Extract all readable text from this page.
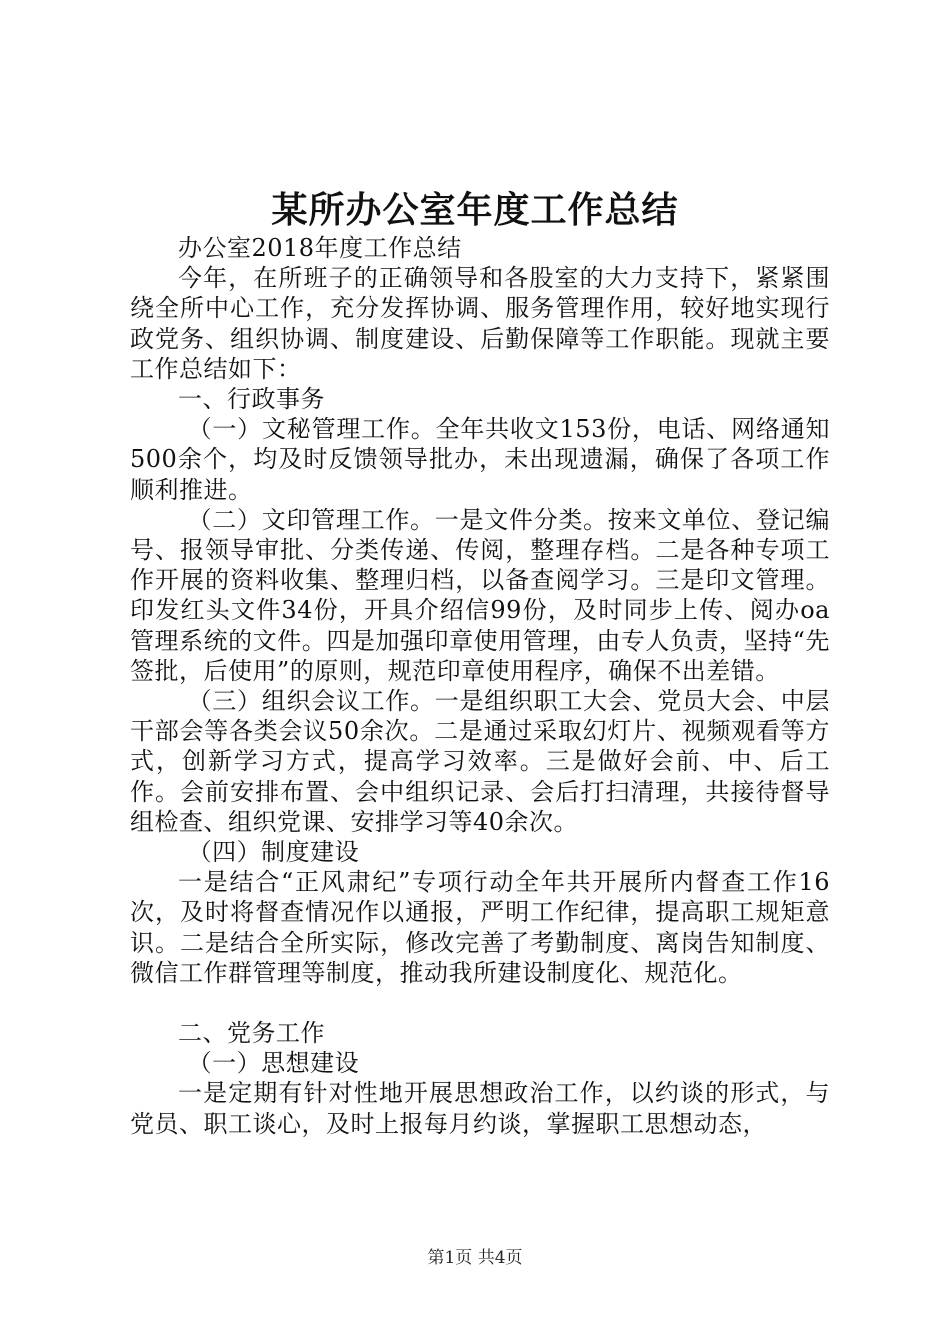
某所办公室年度工作总结

办公室2018年度工作总结

今年，在所班子的正确领导和各股室的大力支持下，紧紧围绕全所中心工作，充分发挥协调、服务管理作用，较好地实现行政党务、组织协调、制度建设、后勤保障等工作职能。现就主要工作总结如下：

一、行政事务

（一）文秘管理工作。全年共收文153份，电话、网络通知500余个，均及时反馈领导批办，未出现遗漏，确保了各项工作顺利推进。

（二）文印管理工作。一是文件分类。按来文单位、登记编号、报领导审批、分类传递、传阅，整理存档。二是各种专项工作开展的资料收集、整理归档，以备查阅学习。三是印文管理。印发红头文件34份，开具介绍信99份，及时同步上传、阅办oa管理系统的文件。四是加强印章使用管理，由专人负责，坚持“先签批，后使用”的原则，规范印章使用程序，确保不出差错。

（三）组织会议工作。一是组织职工大会、党员大会、中层干部会等各类会议50余次。二是通过采取幻灯片、视频观看等方式，创新学习方式，提高学习效率。三是做好会前、中、后工作。会前安排布置、会中组织记录、会后打扫清理，共接待督导组检查、组织党课、安排学习等40余次。

（四）制度建设

一是结合“正风肃纪”专项行动全年共开展所内督查工作16次，及时将督查情况作以通报，严明工作纪律，提高职工规矩意识。二是结合全所实际，修改完善了考勤制度、离岗告知制度、微信工作群管理等制度，推动我所建设制度化、规范化。

二、党务工作

（一）思想建设

一是定期有针对性地开展思想政治工作，以约谈的形式，与党员、职工谈心，及时上报每月约谈，掌握职工思想动态，

第1页 共4页
